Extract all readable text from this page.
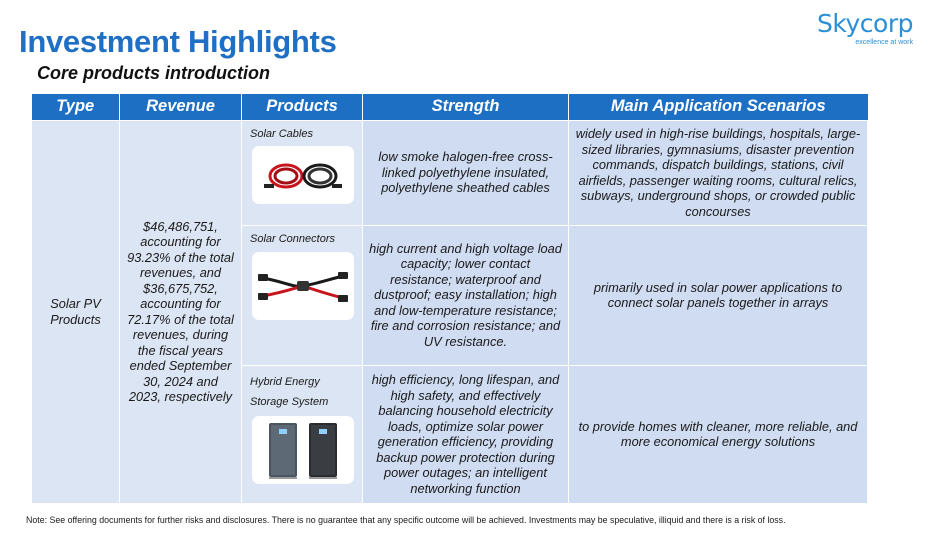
Investment Highlights
Core products introduction
Skycorp
excellence at work
Type	Revenue	Products	Strength	Main Application Scenarios
Solar PV Products	$46,486,751, accounting for 93.23% of the total revenues, and $36,675,752, accounting for 72.17% of the total revenues, during the fiscal years ended September 30, 2024 and 2023, respectively	Solar Cables	low smoke halogen-free cross-linked polyethylene insulated, polyethylene sheathed cables	widely used in high-rise buildings, hospitals, large-sized libraries, gymnasiums, disaster prevention commands, dispatch buildings, stations, civil airfields, passenger waiting rooms, cultural relics, subways, underground shops, or crowded public concourses

		Solar Connectors	high current and high voltage load capacity; lower contact resistance; waterproof and dustproof; easy installation; high and low-temperature resistance; fire and corrosion resistance; and UV resistance.	primarily used in solar power applications to connect solar panels together in arrays

		Hybrid Energy Storage System	high efficiency, long lifespan, and high safety, and effectively balancing household electricity loads, optimize solar power generation efficiency, providing backup power protection during power outages; an intelligent networking function	to provide homes with cleaner, more reliable, and more economical energy solutions
Note: See offering documents for further risks and disclosures. There is no guarantee that any specific outcome will be achieved. Investments may be speculative, illiquid and there is a risk of loss.
